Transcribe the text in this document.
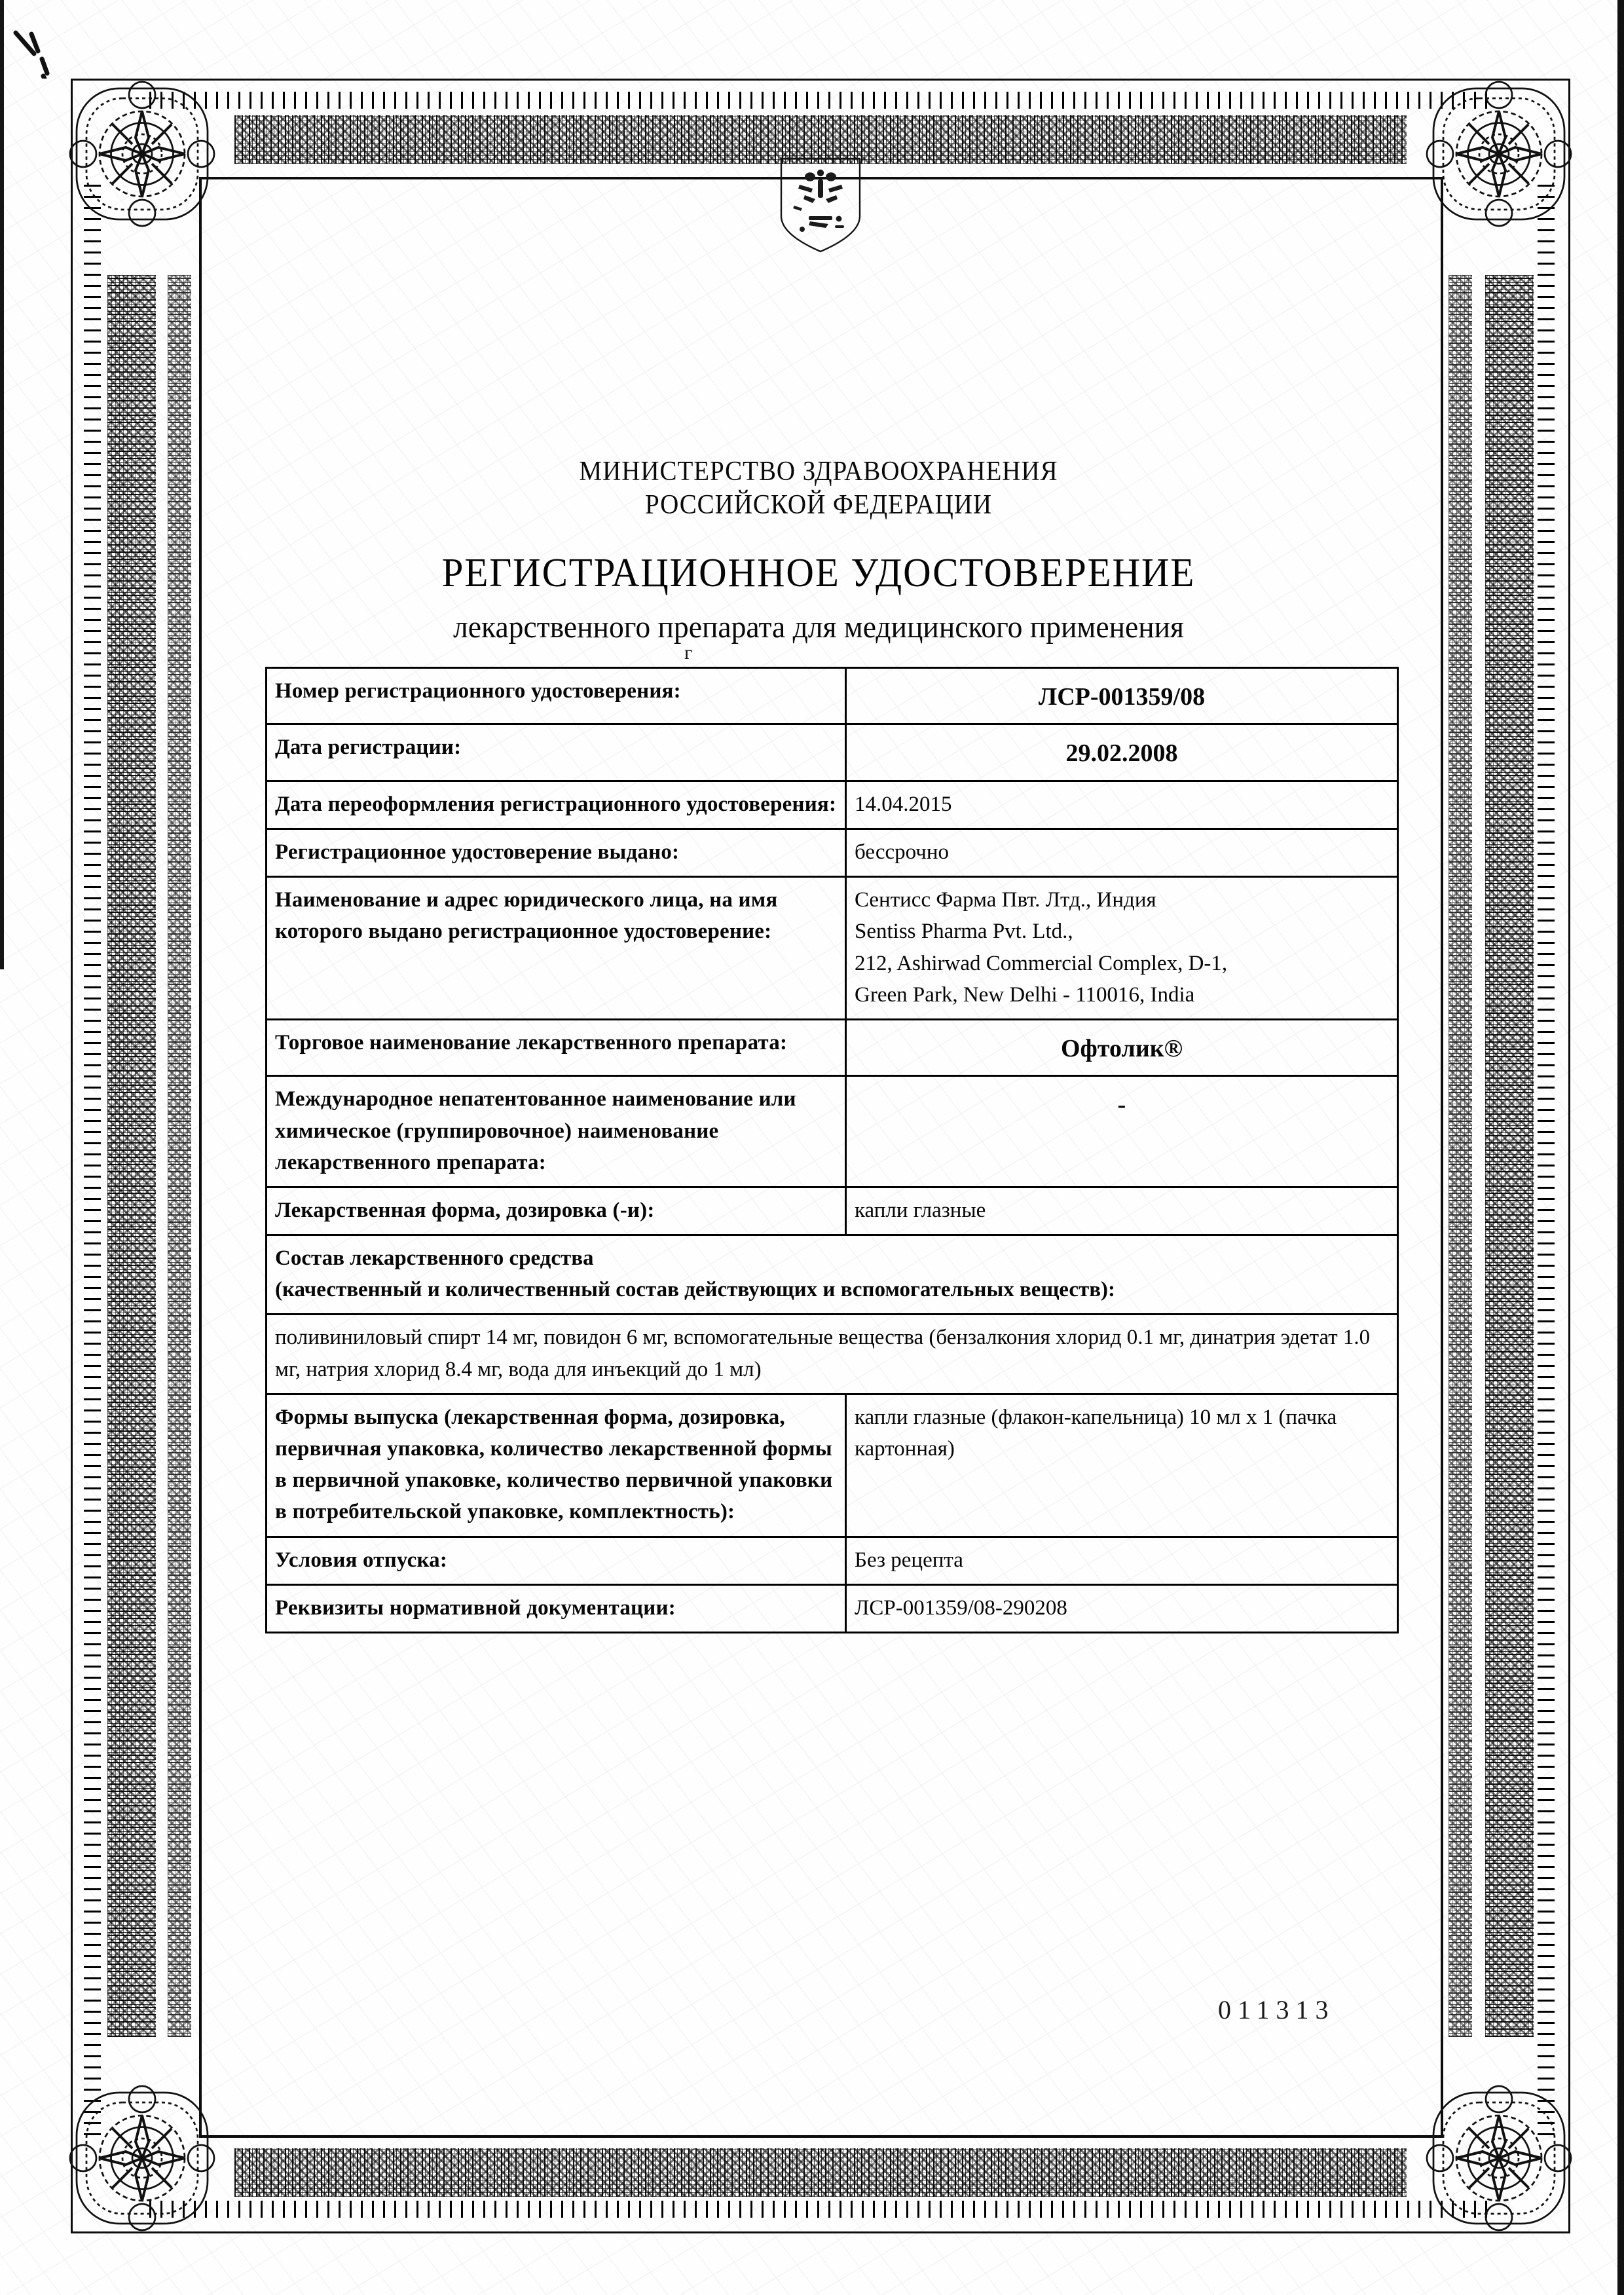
МИНИСТЕРСТВО ЗДРАВООХРАНЕНИЯ
РОССИЙСКОЙ ФЕДЕРАЦИИ
РЕГИСТРАЦИОННОЕ УДОСТОВЕРЕНИЕ
лекарственного препарата для медицинского применения
г
Номер регистрационного удостоверения:	ЛСР-001359/08
Дата регистрации:	29.02.2008
Дата переоформления регистрационного удостоверения:	14.04.2015
Регистрационное удостоверение выдано:	бессрочно
Наименование и адрес юридического лица, на имя которого выдано регистрационное удостоверение:	Сентисс Фарма Пвт. Лтд., Индия
Sentiss Pharma Pvt. Ltd.,
212, Ashirwad Commercial Complex, D-1,
Green Park, New Delhi - 110016, India
Торговое наименование лекарственного препарата:	Офтолик®
Международное непатентованное наименование или химическое (группировочное) наименование лекарственного препарата:	-
Лекарственная форма, дозировка (-и):	капли глазные
Состав лекарственного средства
(качественный и количественный состав действующих и вспомогательных веществ):	
поливиниловый спирт 14 мг, повидон 6 мг, вспомогательные вещества (бензалкония хлорид 0.1 мг, динатрия эдетат 1.0 мг, натрия хлорид 8.4 мг, вода для инъекций до 1 мл)	
Формы выпуска (лекарственная форма, дозировка, первичная упаковка, количество лекарственной формы в первичной упаковке, количество первичной упаковки в потребительской упаковке, комплектность):	капли глазные (флакон-капельница) 10 мл x 1 (пачка картонная)
Условия отпуска:	Без рецепта
Реквизиты нормативной документации:	ЛСР-001359/08-290208
011313
